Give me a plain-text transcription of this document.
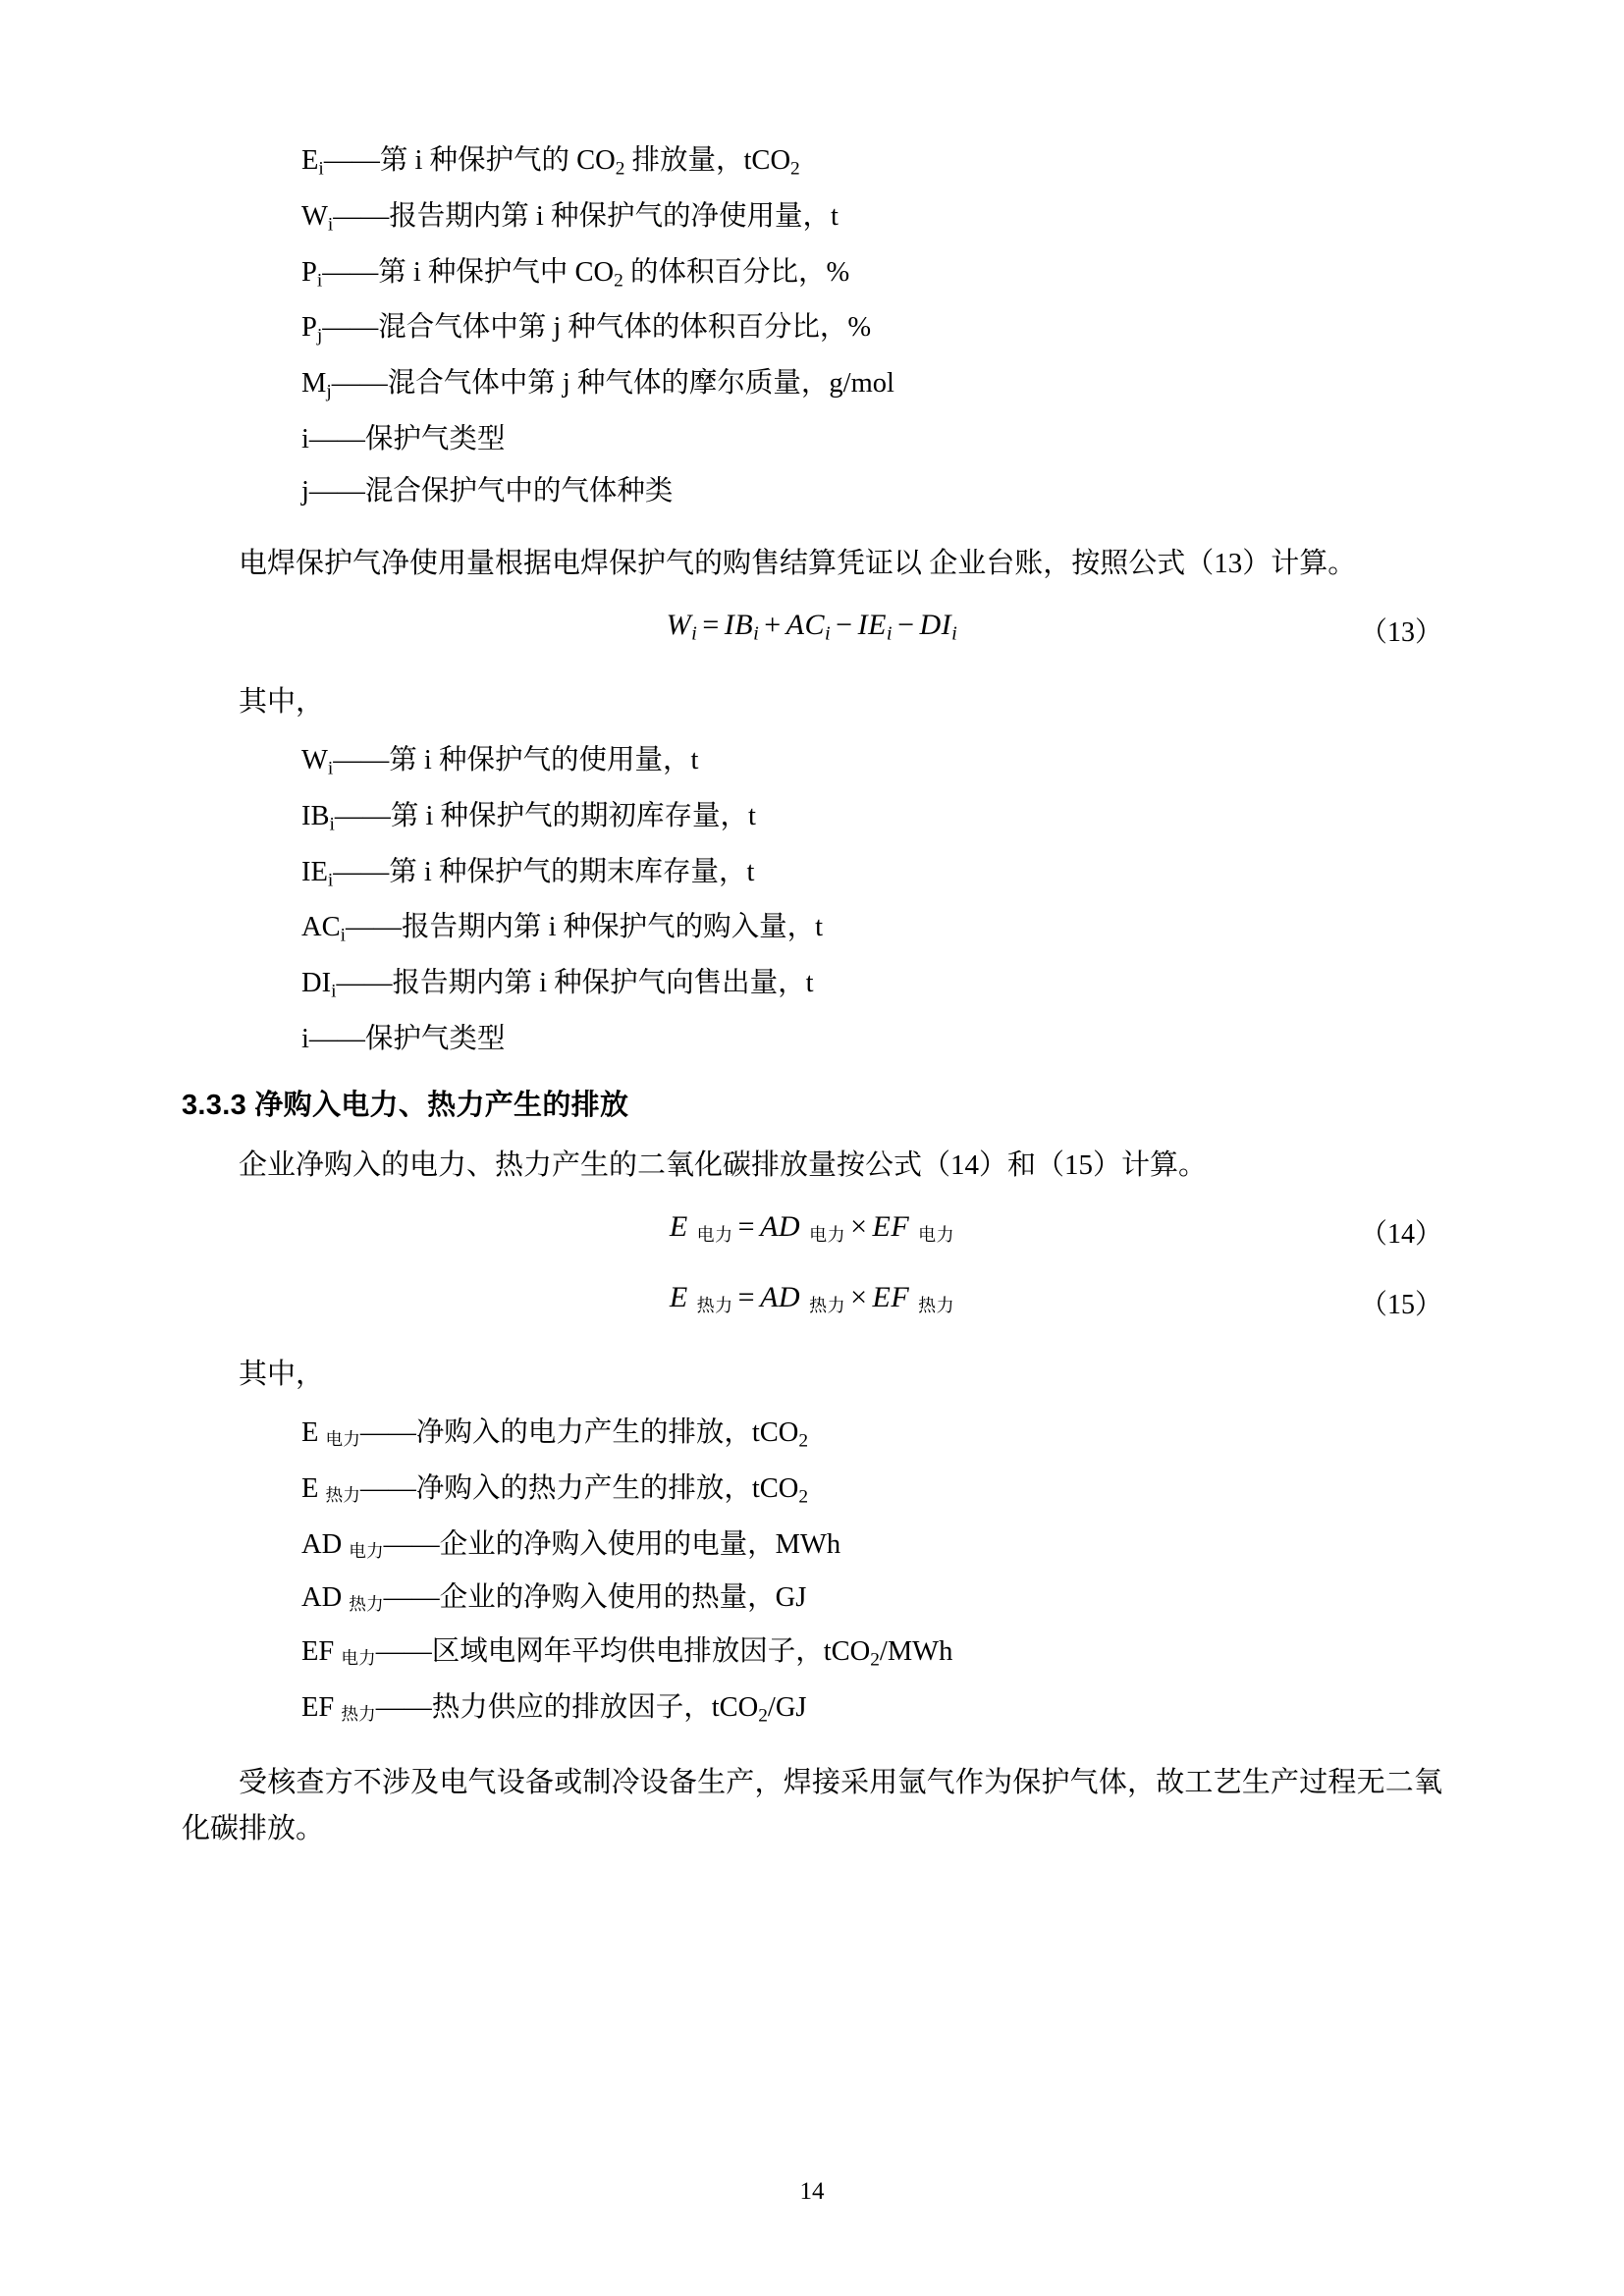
$E_i——$第 i 种保护气的 $CO_2$ 排放量，tCO$_2$
$W_i——$报告期内第 i 种保护气的净使用量，t
$P_i——$第 i 种保护气中 $CO_2$ 的体积百分比，%
$P_j——$混合气体中第 j 种气体的体积百分比，%
$M_j——$混合气体中第 j 种气体的摩尔质量，g/mol
i——保护气类型
j——混合保护气中的气体种类

电焊保护气净使用量根据电焊保护气的购售结算凭证以 企业台账，按照公式（13）计算。

$W_i = IB_i + AC_i - IE_i - DI_i$	（13）

其中，

$W_i——$第 i 种保护气的使用量，t
$IB_i——$第 i 种保护气的期初库存量，t
$IE_i——$第 i 种保护气的期末库存量，t
$AC_i——$报告期内第 i 种保护气的购入量，t
$DI_i——$报告期内第 i 种保护气向售出量，t
i——保护气类型
3.3.3 净购入电力、热力产生的排放

企业净购入的电力、热力产生的二氧化碳排放量按公式（14）和（15）计算。

E 电力 = AD 电力 × EF 电力	（14）
E 热力 = AD 热力 × EF 热力	（15）

其中，

E 电力——净购入的电力产生的排放，tCO$_2$
E 热力——净购入的热力产生的排放，tCO$_2$
AD 电力——企业的净购入使用的电量，MWh
AD 热力——企业的净购入使用的热量，GJ
EF 电力——区域电网年平均供电排放因子，tCO$_2$/MWh
EF 热力——热力供应的排放因子，tCO$_2$/GJ

受核查方不涉及电气设备或制冷设备生产，焊接采用氩气作为保护气体，故工艺生产过程无二氧化碳排放。

14
